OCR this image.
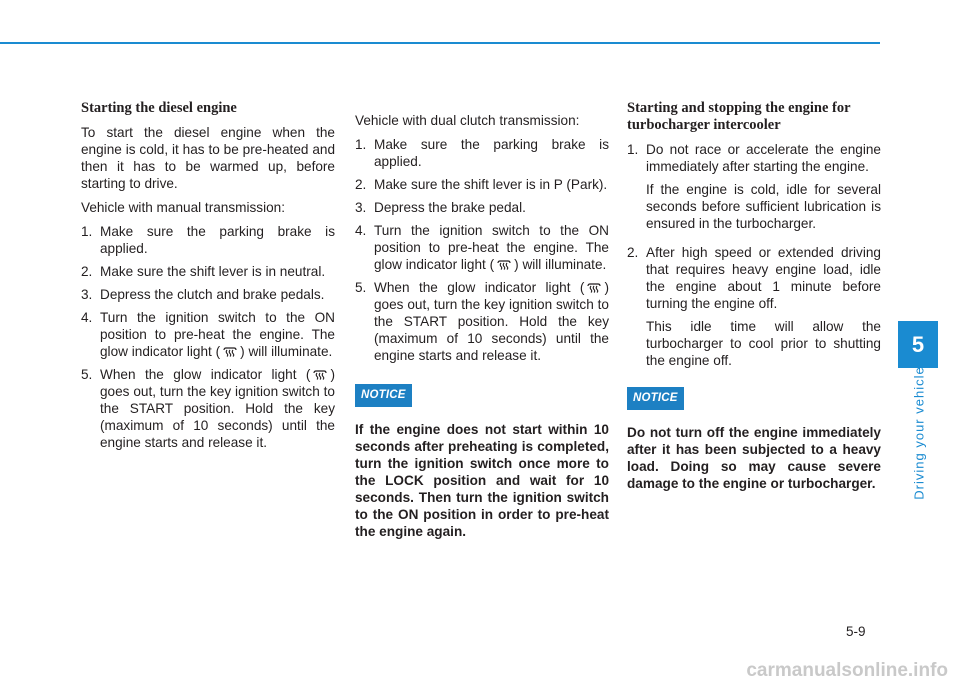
Starting the diesel engine

To start the diesel engine when the engine is cold, it has to be pre-heated and then it has to be warmed up, before starting to drive.

Vehicle with manual transmission:

1. Make sure the parking brake is applied.
2. Make sure the shift lever is in neutral.
3. Depress the clutch and brake pedals.
4. Turn the ignition switch to the ON position to pre-heat the engine. The glow indicator light ( ) will illuminate.
5. When the glow indicator light ( ) goes out, turn the key ignition switch to the START position. Hold the key (maximum of 10 seconds) until the engine starts and release it.

Vehicle with dual clutch transmission:

1. Make sure the parking brake is applied.
2. Make sure the shift lever is in P (Park).
3. Depress the brake pedal.
4. Turn the ignition switch to the ON position to pre-heat the engine. The glow indicator light ( ) will illuminate.
5. When the glow indicator light ( ) goes out, turn the key ignition switch to the START position. Hold the key (maximum of 10 seconds) until the engine starts and release it.
NOTICE

If the engine does not start within 10 seconds after preheating is completed, turn the ignition switch once more to the LOCK position and wait for 10 seconds. Then turn the ignition switch to the ON position in order to pre-heat the engine again.

Starting and stopping the engine for turbocharger intercooler

1. Do not race or accelerate the engine immediately after starting the engine.

If the engine is cold, idle for several seconds before sufficient lubrication is ensured in the turbocharger.

2. After high speed or extended driving that requires heavy engine load, idle the engine about 1 minute before turning the engine off.

This idle time will allow the turbocharger to cool prior to shutting the engine off.

NOTICE

Do not turn off the engine immediately after it has been subjected to a heavy load. Doing so may cause severe damage to the engine or turbocharger.

5
Driving your vehicle
5-9
carmanualsonline.info
